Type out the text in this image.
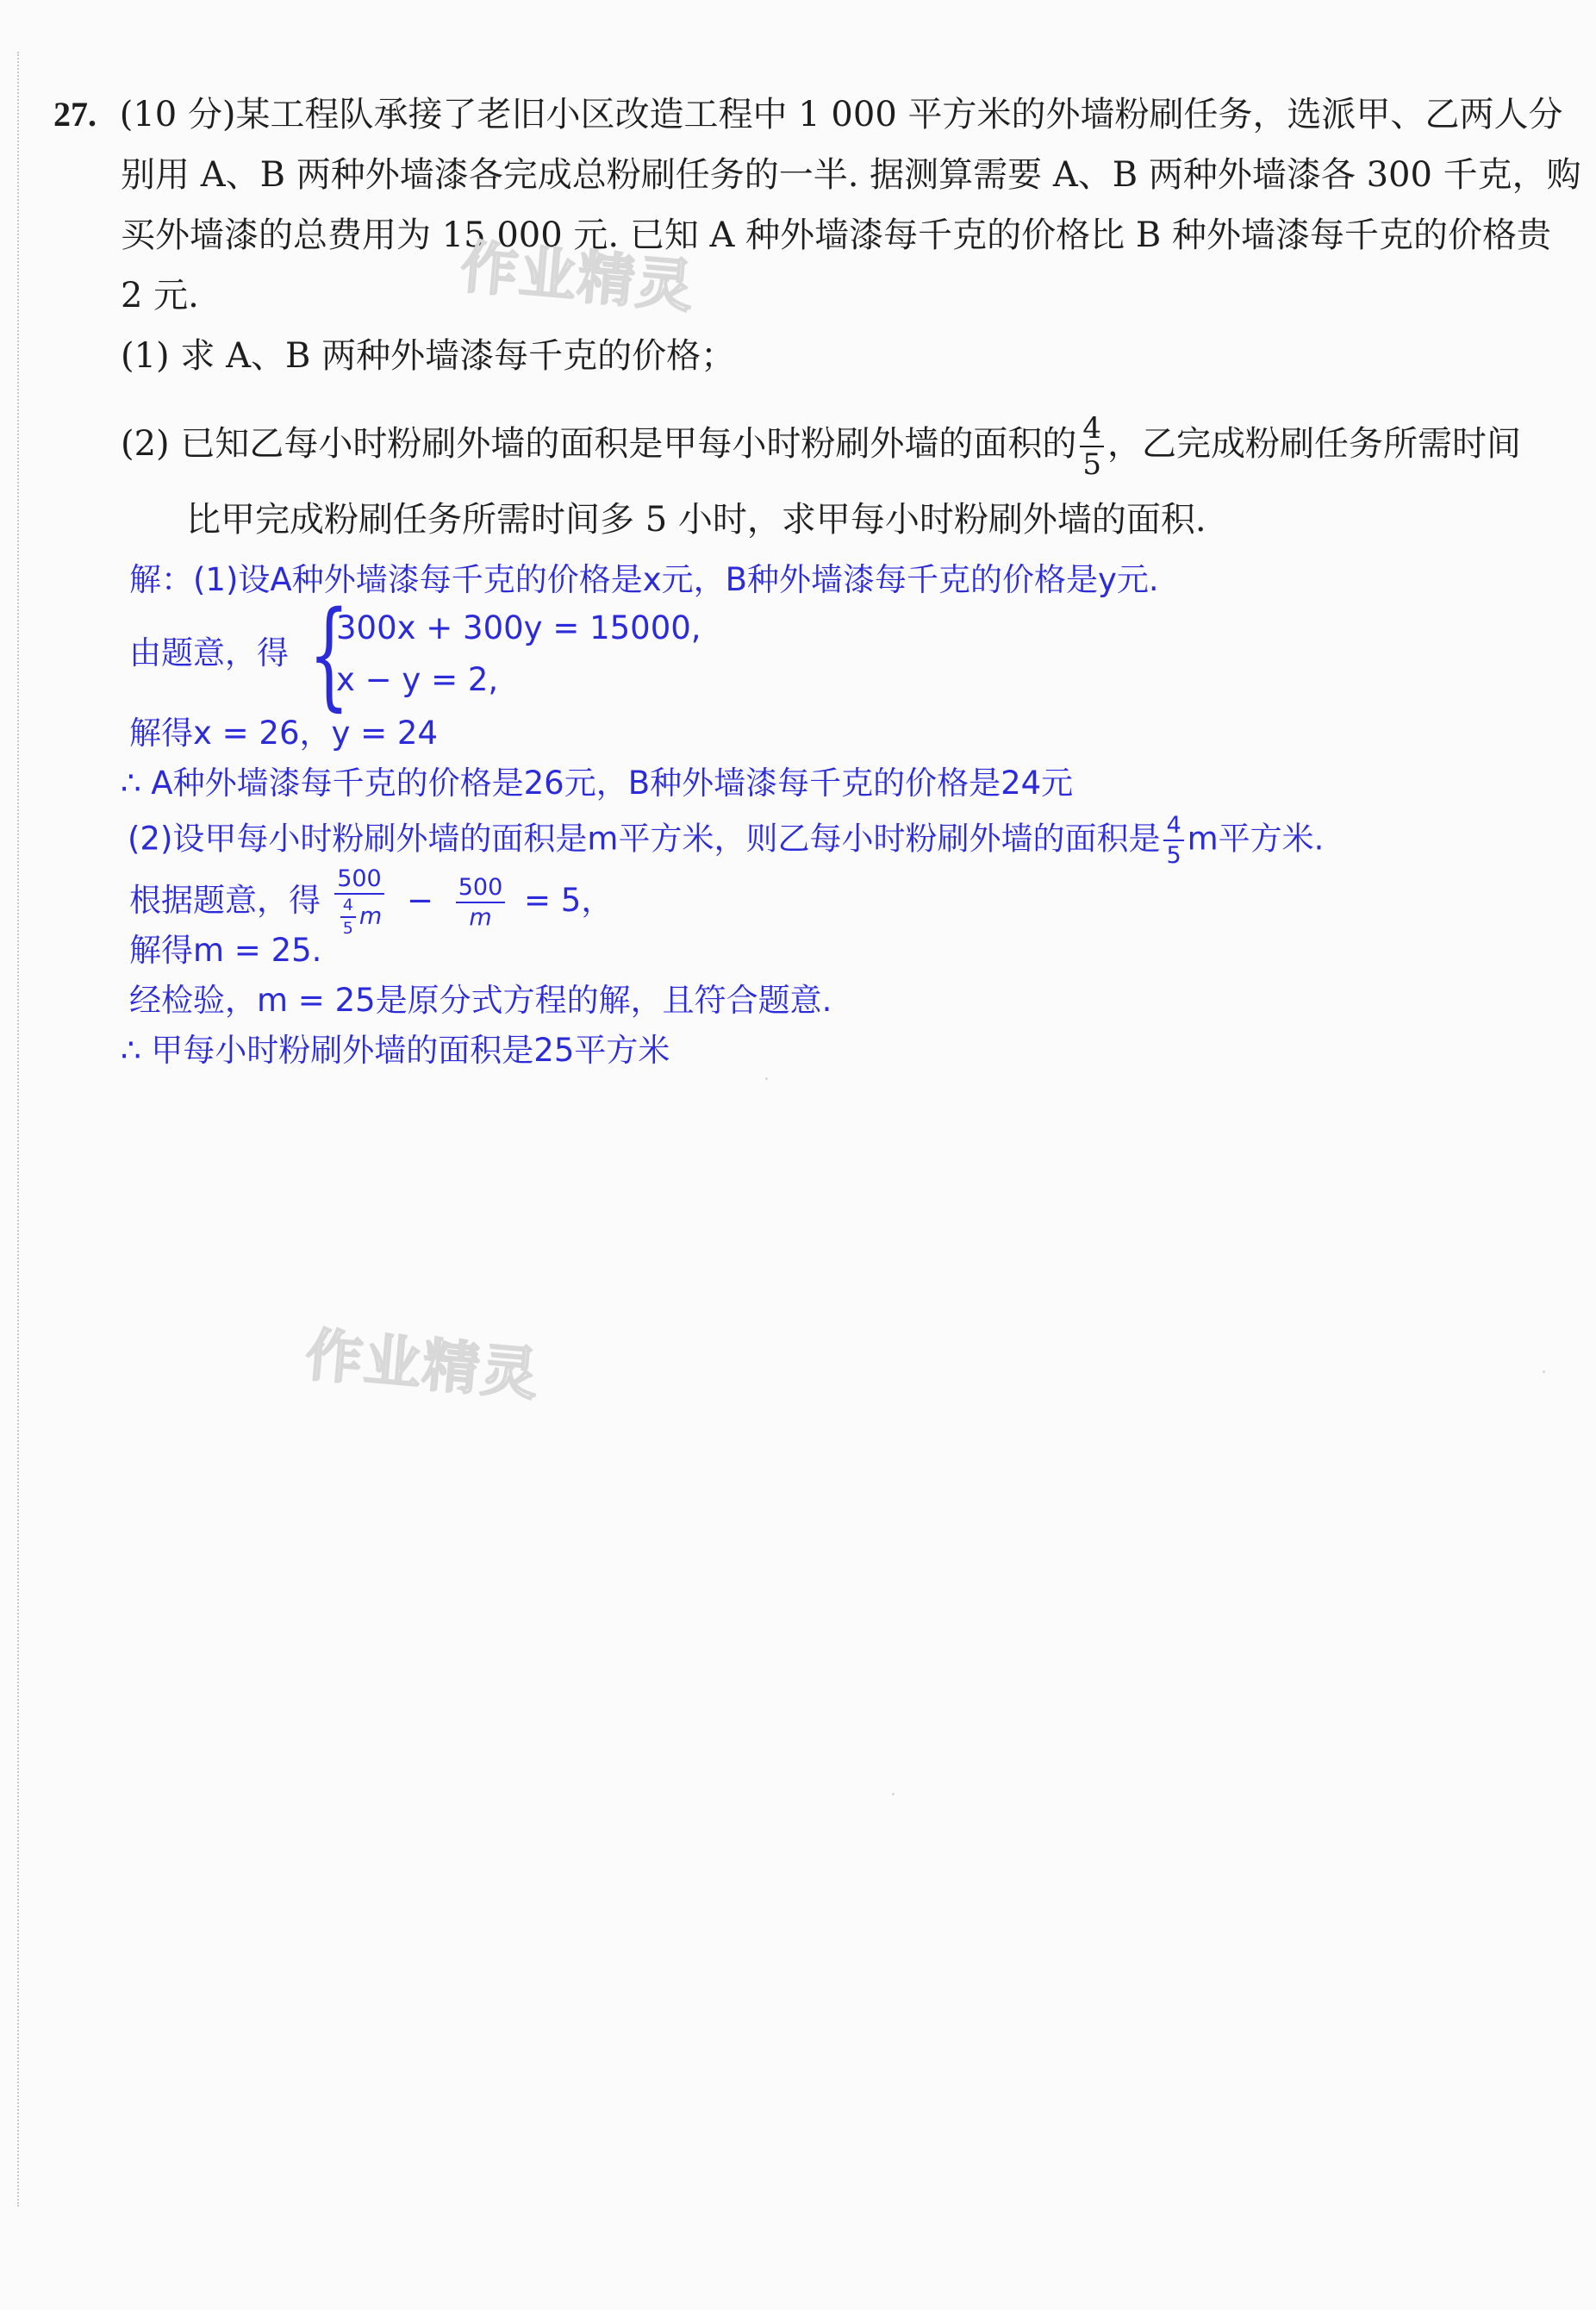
27. (10 分)某工程队承接了老旧小区改造工程中 1 000 平方米的外墙粉刷任务，选派甲、乙两人分
别用 A、B 两种外墙漆各完成总粉刷任务的一半. 据测算需要 A、B 两种外墙漆各 300 千克，购
买外墙漆的总费用为 15 000 元. 已知 A 种外墙漆每千克的价格比 B 种外墙漆每千克的价格贵
2 元.
(1) 求 A、B 两种外墙漆每千克的价格；
(2) 已知乙每小时粉刷外墙的面积是甲每小时粉刷外墙的面积的 $\frac{4}{5}$ ，乙完成粉刷任务所需时间
比甲完成粉刷任务所需时间多 5 小时，求甲每小时粉刷外墙的面积.
解：(1)设A种外墙漆每千克的价格是x元，B种外墙漆每千克的价格是y元.
由题意，得 {
300x + 300y = 15000,
x − y = 2,
解得x = 26，y = 24
∴ A种外墙漆每千克的价格是26元，B种外墙漆每千克的价格是24元
(2)设甲每小时粉刷外墙的面积是m平方米，则乙每小时粉刷外墙的面积是 $\frac{4}{5}$ m平方米.
根据题意，得 $\frac{500}{\frac{4}{5} m} - \frac{500}{m} = 5$，
解得m = 25.
经检验，m = 25是原分式方程的解，且符合题意.
∴ 甲每小时粉刷外墙的面积是25平方米
作业精灵
作业精灵
